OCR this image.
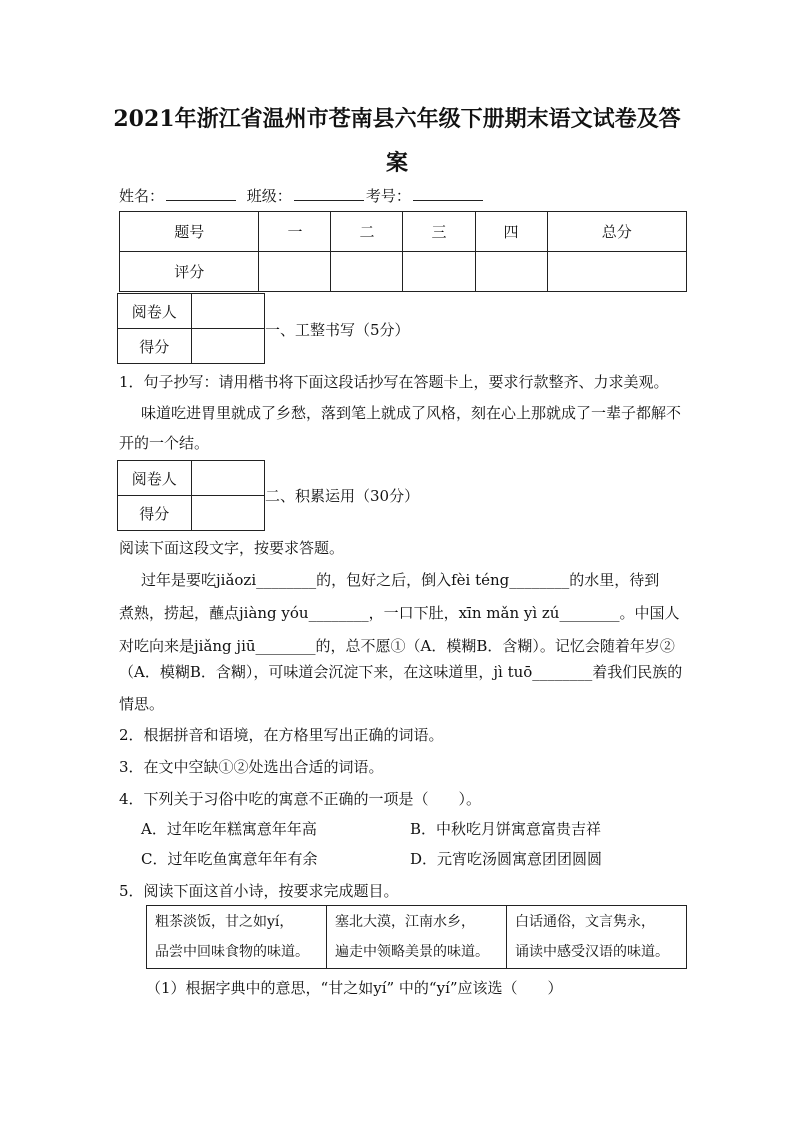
2021年浙江省温州市苍南县六年级下册期末语文试卷及答
案
姓名：	班级：	考号：
题号	一	二	三	四	总分
评分					
阅卷人	
得分	
一、工整书写（5分）
1．句子抄写：请用楷书将下面这段话抄写在答题卡上，要求行款整齐、力求美观。
味道吃进胃里就成了乡愁，落到笔上就成了风格，刻在心上那就成了一辈子都解不
开的一个结。
阅卷人	
得分	
二、积累运用（30分）
阅读下面这段文字，按要求答题。
过年是要吃jiǎozi________的，包好之后，倒入fèi téng________的水里，待到
煮熟，捞起，蘸点jiàng yóu________，一口下肚，xīn mǎn yì zú________。中国人
对吃向来是jiǎng jiū________的，总不愿①（A．模糊B．含糊）。记忆会随着年岁②
（A．模糊B．含糊），可味道会沉淀下来，在这味道里，jì tuō________着我们民族的
情思。
2．根据拼音和语境，在方格里写出正确的词语。
3．在文中空缺①②处选出合适的词语。
4．下列关于习俗中吃的寓意不正确的一项是（　　）。
A．过年吃年糕寓意年年高	B．中秋吃月饼寓意富贵吉祥
C．过年吃鱼寓意年年有余	D．元宵吃汤圆寓意团团圆圆
5．阅读下面这首小诗，按要求完成题目。
粗茶淡饭，甘之如yí，
品尝中回味食物的味道。

塞北大漠，江南水乡，
遍走中领略美景的味道。

白话通俗，文言隽永，
诵读中感受汉语的味道。
（1）根据字典中的意思，“甘之如yí” 中的“yí”应该选（　　）
